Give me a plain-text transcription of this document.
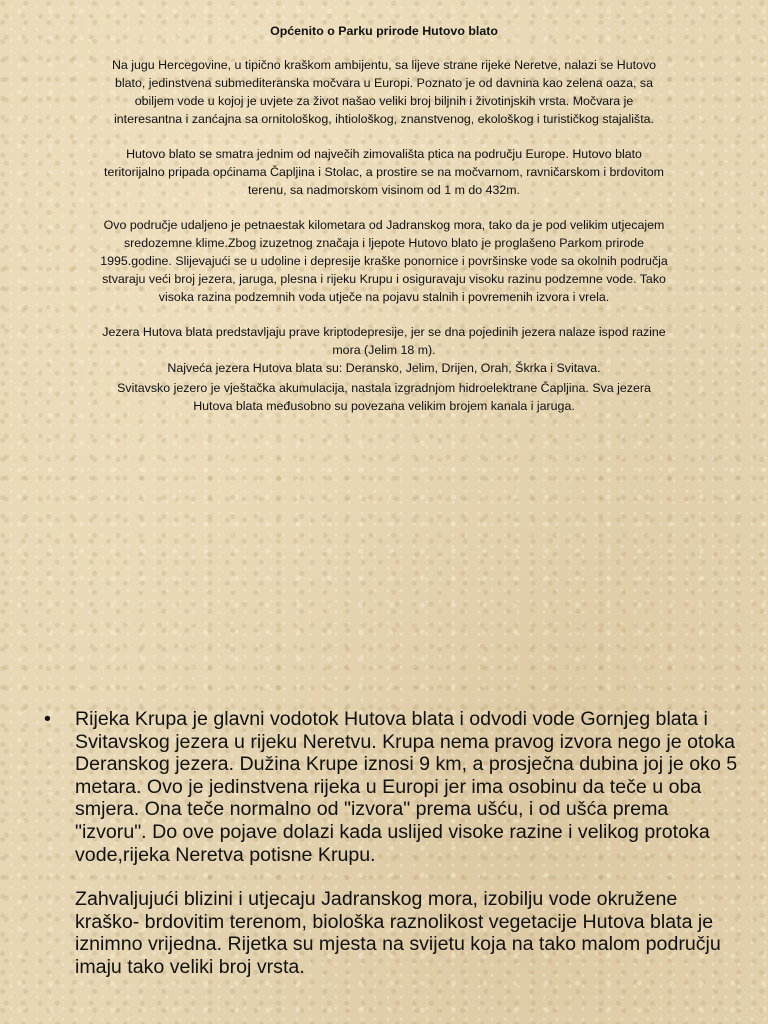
Općenito o Parku prirode Hutovo blato

Na jugu Hercegovine, u tipično kraškom ambijentu, sa lijeve strane rijeke Neretve, nalazi se Hutovo blato, jedinstvena submediteranska močvara u Europi. Poznato je od davnina kao zelena oaza, sa obiljem vode u kojoj je uvjete za život našao veliki broj biljnih i životinjskih vrsta. Močvara je interesantna i zanćajna sa ornitološkog, ihtiološkog, znanstvenog, ekološkog i turističkog stajališta.

Hutovo blato se smatra jednim od največih zimovališta ptica na području Europe. Hutovo blato teritorijalno pripada općinama Čapljina i Stolac, a prostire se na močvarnom, ravničarskom i brdovitom terenu, sa nadmorskom visinom od 1 m do 432m.

Ovo područje udaljeno je petnaestak kilometara od Jadranskog mora, tako da je pod velikim utjecajem sredozemne klime.Zbog izuzetnog značaja i ljepote Hutovo blato je proglašeno Parkom prirode 1995.godine. Slijevajući se u udoline i depresije kraške ponornice i površinske vode sa okolnih područja stvaraju veći broj jezera, jaruga, plesna i rijeku Krupu i osiguravaju visoku razinu podzemne vode. Tako visoka razina podzemnih voda utječe na pojavu stalnih i povremenih izvora i vrela.

Jezera Hutova blata predstavljaju prave kriptodepresije, jer se dna pojedinih jezera nalaze ispod razine mora (Jelim 18 m).

Najveća jezera Hutova blata su: Deransko, Jelim, Drijen, Orah, Škrka i Svitava.

Svitavsko jezero je vještačka akumulacija, nastala izgradnjom hidroelektrane Čapljina. Sva jezera Hutova blata međusobno su povezana velikim brojem kanala i jaruga.

•	Rijeka Krupa je glavni vodotok Hutova blata i odvodi vode Gornjeg blata i Svitavskog jezera u rijeku Neretvu. Krupa nema pravog izvora nego je otoka Deranskog jezera. Dužina Krupe iznosi 9 km, a prosječna dubina joj je oko 5 metara. Ovo je jedinstvena rijeka u Europi jer ima osobinu da teče u oba smjera. Ona teče normalno od "izvora" prema ušću, i od ušća prema "izvoru". Do ove pojave dolazi kada uslijed visoke razine i velikog protoka vode,rijeka Neretva potisne Krupu.

Zahvaljujući blizini i utjecaju Jadranskog mora, izobilju vode okružene kraško- brdovitim terenom, biološka raznolikost vegetacije Hutova blata je iznimno vrijedna. Rijetka su mjesta na svijetu koja na tako malom području imaju tako veliki broj vrsta.
